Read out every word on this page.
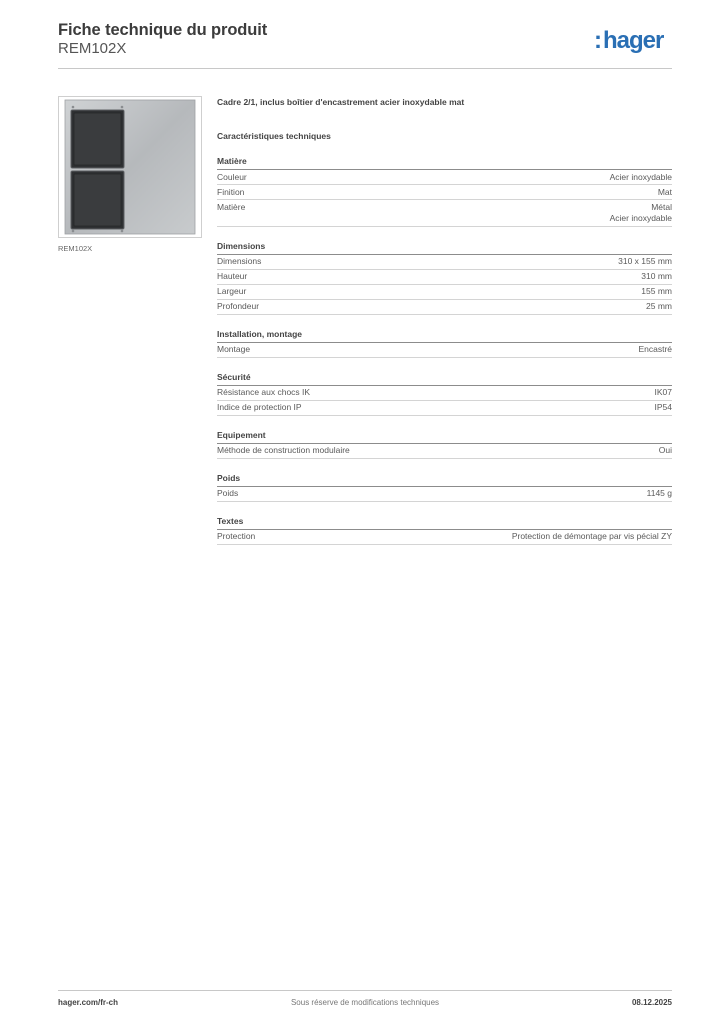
Fiche technique du produit
REM102X	:hager
REM102X
Cadre 2/1, inclus boîtier d'encastrement acier inoxydable mat
Caractéristiques techniques
Matière
Couleur	Acier inoxydable
Finition	Mat
Matière	Métal
Acier inoxydable
Dimensions
Dimensions	310 x 155 mm
Hauteur	310 mm
Largeur	155 mm
Profondeur	25 mm
Installation, montage
Montage	Encastré
Sécurité
Résistance aux chocs IK	IK07
Indice de protection IP	IP54
Equipement
Méthode de construction modulaire	Oui
Poids
Poids	1145 g
Textes
Protection	Protection de démontage par vis pécial ZY
hager.com/fr-ch	Sous réserve de modifications techniques	08.12.2025
